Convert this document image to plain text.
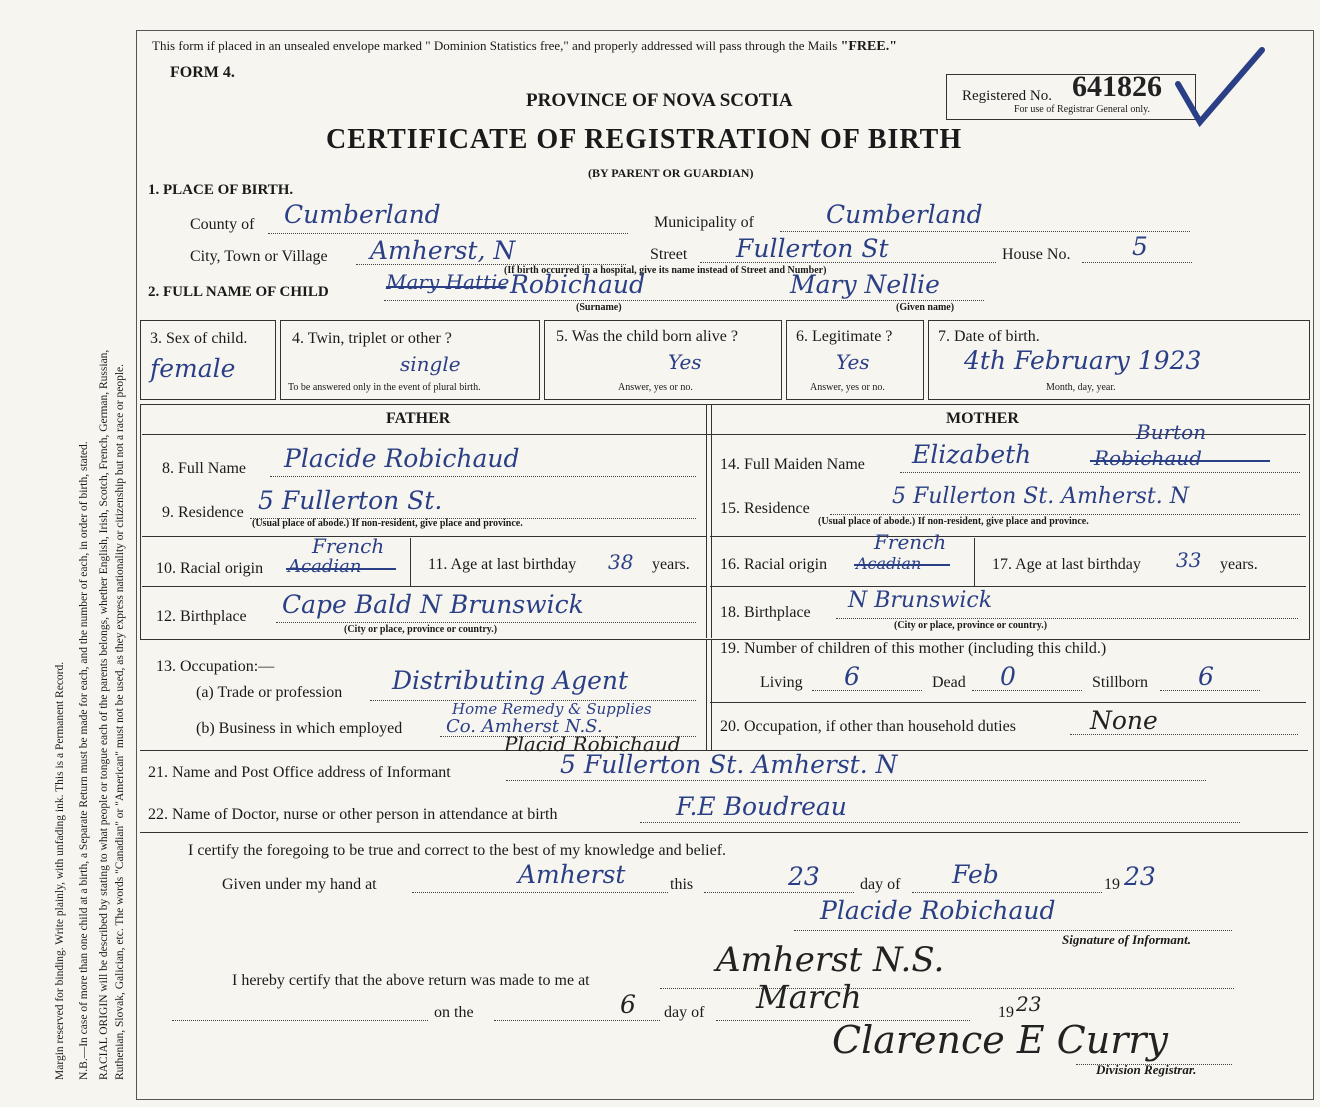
Margin reserved for binding. Write plainly, with unfading ink. This is a Permanent Record. N.B.—In case of more than one child at a birth, a Separate Return must be made for each, and the number of each, in order of birth, stated. RACIAL ORIGIN will be described by stating to what people or tongue each of the parents belongs, whether English, Irish, Scotch, French, German, Russian, Ruthenian, Slovak, Galician, etc. The words "Canadian" or "American" must not be used, as they express nationality or citizenship but not a race or people.
This form if placed in an unsealed envelope marked " Dominion Statistics free," and properly addressed will pass through the Mails "FREE."
FORM 4.
PROVINCE OF NOVA SCOTIA
CERTIFICATE OF REGISTRATION OF BIRTH
(BY PARENT OR GUARDIAN)
Registered No. 641826
For use of Registrar General only.
1. PLACE OF BIRTH.
County of Cumberland	Municipality of	Cumberland
City, Town or Village Amherst, N	Street Fullerton St	House No. 5
(If birth occurred in a hospital, give its name instead of Street and Number)
2. FULL NAME OF CHILD	Mary Hattie Robichaud	Mary Nellie
(Surname)	(Given name)
3. Sex of child.
female
4. Twin, triplet or other ?
single
To be answered only in the event of plural birth.
5. Was the child born alive ?
Yes
Answer, yes or no.
6. Legitimate ?
Yes
Answer, yes or no.
7. Date of birth.
4th February 1923
Month, day, year.
FATHER	MOTHER
8. Full Name Placide Robichaud
9. Residence 5 Fullerton St.
(Usual place of abode.) If non-resident, give place and province.
10. Racial origin Acadian
French
11. Age at last birthday 38 years.
12. Birthplace Cape Bald N Brunswick
(City or place, province or country.)
14. Full Maiden Name Elizabeth	Robichaud
Burton
15. Residence	5 Fullerton St. Amherst. N
(Usual place of abode.) If non-resident, give place and province.
16. Racial origin Acadian
French
17. Age at last birthday 33 years.
18. Birthplace N Brunswick
(City or place, province or country.)
13. Occupation:—
(a) Trade or profession Distributing Agent
(b) Business in which employed
Home Remedy & Supplies
Co. Amherst N.S.
19. Number of children of this mother (including this child.)
Living 6	Dead 0	Stillborn 6
20. Occupation, if other than household duties	None
21. Name and Post Office address of Informant
Placid Robichaud
5 Fullerton St. Amherst. N
22. Name of Doctor, nurse or other person in attendance at birth	F.E Boudreau
I certify the foregoing to be true and correct to the best of my knowledge and belief.
Given under my hand at	Amherst	this	23	day of Feb	19 23
Placide Robichaud
Signature of Informant.
I hereby certify that the above return was made to me at
Amherst N.S.
on the	6 day of March	19 23
Clarence E Curry
Division Registrar.
